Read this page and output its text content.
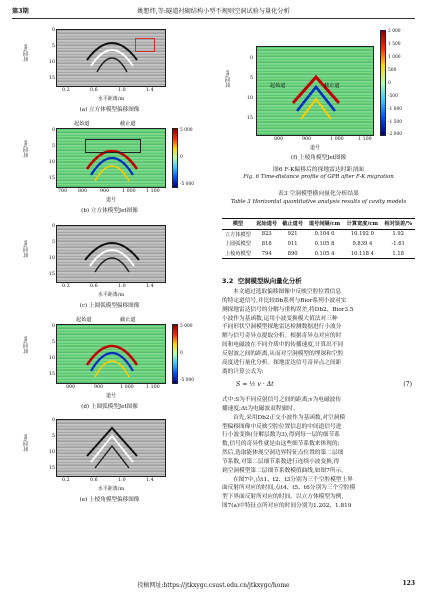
第3期	姚想炜,等:隧道衬砌结构小型不规则空洞试验与量化分析
时间/ns
0
5
10
15
0.2	0.6	1.0	1.4
水平距离/m
(a) 立方体模型偏移图像
时间/ns
0
5
10
15
起始道	截止道
5 000
0
-5 000
700 800	900	1 000 1 100
道号
(b) 立方体模型Jet图像
时间/ns
0
5
10
15
0.2	0.6	1.0	1.4
水平距离/m
(c) 上圆弧模型偏移图像
时间/ns
0
5
10
15
起始道	截止道
5 000
0
-5 000
800	900	1 000	1 100
道号
(d) 上圆弧模型Jet图像
时间/ns
0
5
10
15
0.2	0.6	1.0	1.4
水平距离/m
(e) 上棱角模型偏移图像
时间/ns
0
5
10
15
起始道	截止道
2 000
1 500
1 000
500
0
-500
-1 000
-1 500
-2 000
800	900	1 000	1 100
道号
(f) 上棱角模型Jet图像
图6 F-K偏移后的探地雷达时距剖面
Fig. 6 Time-distance profile of GPR after F-K migration
表3 空洞模型横向量化分析结果
Table 3 Horizontal quantitative analysis results of cavity models
模型	起始道号	截止道号	道号间隔/cm	计算宽度/cm	相对误差/%

立方体模型	823	921	0.104 0	10.192 0	1.92
上圆弧模型	818	911	0.105 8	9.839 4	-1.61
上棱角模型	794	890	0.105 4	10.118 4	1.18
3.2 空洞模型纵向量化分析
本文通过选取偏移图像中反映空腔位置信息
的特定道信号,并比较Db系列与Bior系列小波对实
测探地雷达信号的分解与重构误差,将Db2、Bior3.5
小波作为基函数,运用小波变换模大值法对三种
不同形状空洞模型探地雷达检测数据进行小波分
解与信号奇异点提取分析。根据奇异点对应的时
间和电磁波在不同介质中的传播速度,计算出不同
反射波之间的距离,从而对空洞模型的埋深和空腔
高度进行量化分析。探地雷达信号奇异点之间距
离的计算公式为:
S = ½ v · Δt	(7)
式中:S为不同反射信号之间的距离;v为电磁波传
播速度;Δt为电磁波双程旅时。
首先,采用Db2正交小波作为基函数,对空洞模
型偏移图像中反映空腔位置信息的中间道信号进
行小波变换(分解层数为3),得到每一层的细节系
数,信号的奇异性就是由这些细节系数来体现的;
然后,选取能体现空洞边界特征点位置的第二层细
节系数,对第二层细节系数进行连续小波变换,得
到空洞模型第二层细节系数模值曲线,如图7所示。
在图7中,点t1、t2、t3分别为三个空腔模型上界
面反射所对应的时间,点t4、t5、t6分别为三个空腔模
型下界面反射所对应的时间。以立方体模型为例,
图7(a)中特征点所对应的时间分别为1.202、1.819
投稿网址:https://jtkxygc.csust.edu.cn/jtkxygc/home	123
